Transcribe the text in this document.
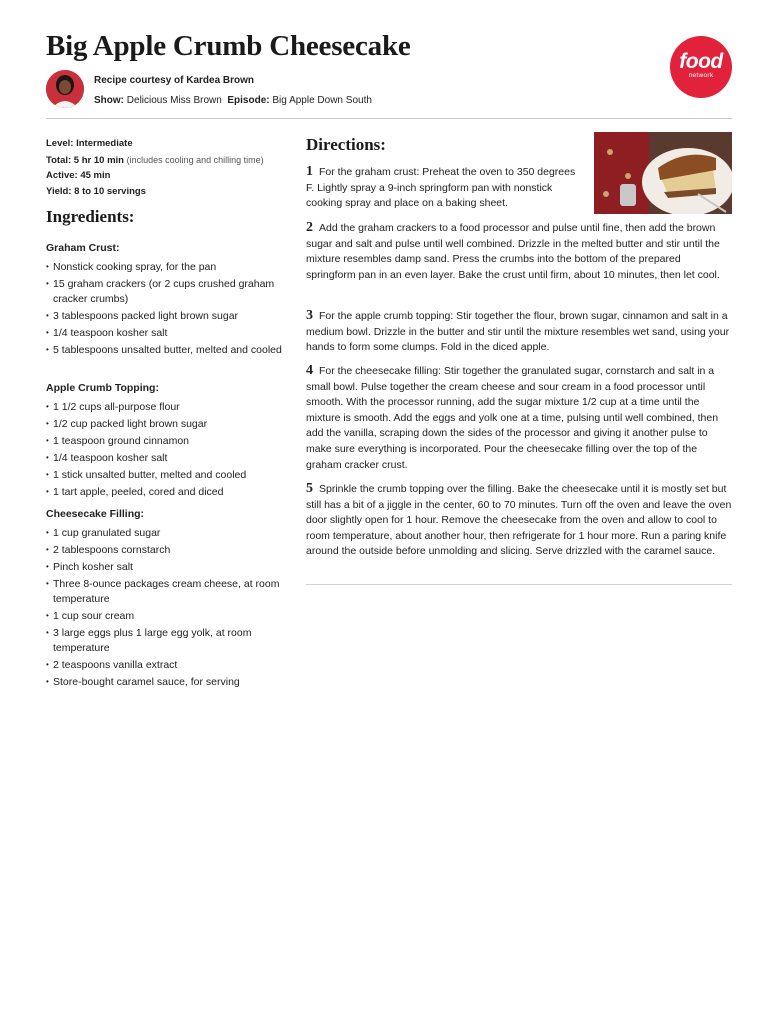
Big Apple Crumb Cheesecake
Recipe courtesy of Kardea Brown
Show: Delicious Miss Brown Episode: Big Apple Down South
food
network
Level: Intermediate
Total: 5 hr 10 min (includes cooling and chilling time)
Active: 45 min
Yield: 8 to 10 servings
Ingredients:
Graham Crust:
• Nonstick cooking spray, for the pan
• 15 graham crackers (or 2 cups crushed graham cracker crumbs)
• 3 tablespoons packed light brown sugar
• 1/4 teaspoon kosher salt
• 5 tablespoons unsalted butter, melted and cooled
Apple Crumb Topping:
• 1 1/2 cups all-purpose flour
• 1/2 cup packed light brown sugar
• 1 teaspoon ground cinnamon
• 1/4 teaspoon kosher salt
• 1 stick unsalted butter, melted and cooled
• 1 tart apple, peeled, cored and diced
Cheesecake Filling:
• 1 cup granulated sugar
• 2 tablespoons cornstarch
• Pinch kosher salt
• Three 8-ounce packages cream cheese, at room temperature
• 1 cup sour cream
• 3 large eggs plus 1 large egg yolk, at room temperature
• 2 teaspoons vanilla extract
• Store-bought caramel sauce, for serving
Directions:
1 For the graham crust: Preheat the oven to 350 degrees F. Lightly spray a 9-inch springform pan with nonstick cooking spray and place on a baking sheet.
2 Add the graham crackers to a food processor and pulse until fine, then add the brown sugar and salt and pulse until well combined. Drizzle in the melted butter and stir until the mixture resembles damp sand. Press the crumbs into the bottom of the prepared springform pan in an even layer. Bake the crust until firm, about 10 minutes, then let cool.
3 For the apple crumb topping: Stir together the flour, brown sugar, cinnamon and salt in a medium bowl. Drizzle in the butter and stir until the mixture resembles wet sand, using your hands to form some clumps. Fold in the diced apple.
4 For the cheesecake filling: Stir together the granulated sugar, cornstarch and salt in a small bowl. Pulse together the cream cheese and sour cream in a food processor until smooth. With the processor running, add the sugar mixture 1/2 cup at a time until the mixture is smooth. Add the eggs and yolk one at a time, pulsing until well combined, then add the vanilla, scraping down the sides of the processor and giving it another pulse to make sure everything is incorporated. Pour the cheesecake filling over the top of the graham cracker crust.
5 Sprinkle the crumb topping over the filling. Bake the cheesecake until it is mostly set but still has a bit of a jiggle in the center, 60 to 70 minutes. Turn off the oven and leave the oven door slightly open for 1 hour. Remove the cheesecake from the oven and allow to cool to room temperature, about another hour, then refrigerate for 1 hour more. Run a paring knife around the outside before unmolding and slicing. Serve drizzled with the caramel sauce.
